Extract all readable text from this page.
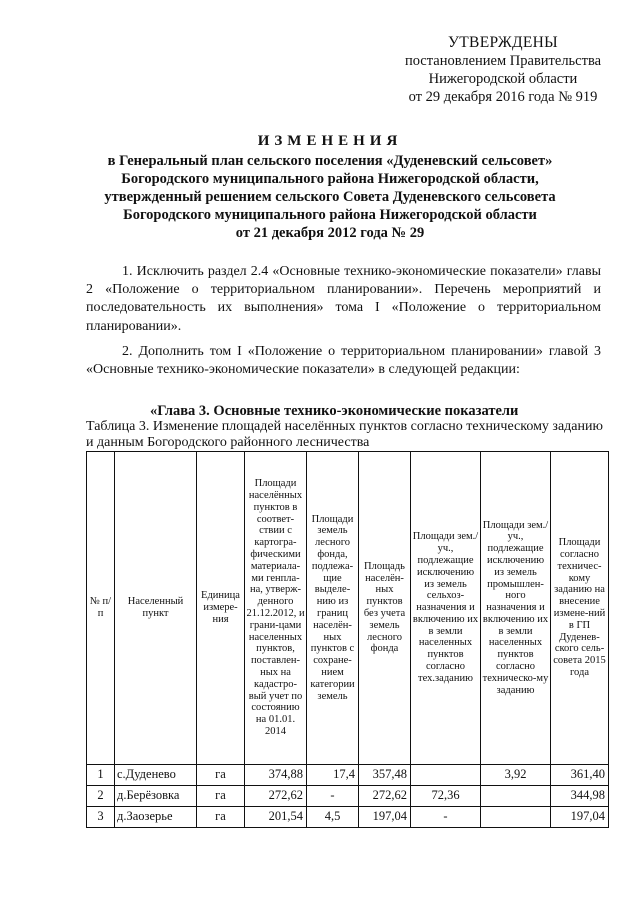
УТВЕРЖДЕНЫ
постановлением Правительства
Нижегородской области
от 29 декабря 2016 года № 919
ИЗМЕНЕНИЯ
в Генеральный план сельского поселения «Дуденевский сельсовет»
Богородского муниципального района Нижегородской области,
утвержденный решением сельского Совета Дуденевского сельсовета
Богородского муниципального района Нижегородской области
от 21 декабря 2012 года № 29
1. Исключить раздел 2.4 «Основные технико-экономические показатели» главы 2 «Положение о территориальном планировании». Перечень мероприятий и последовательность их выполнения» тома I «Положение о территориальном планировании».
2. Дополнить том I «Положение о территориальном планировании» главой 3 «Основные технико-экономические показатели» в следующей редакции:
«Глава 3. Основные технико-экономические показатели
Таблица 3. Изменение площадей населённых пунктов согласно техническому заданию и данным Богородского районного лесничества
№ п/п	Населенный пункт	Единица измере-ния	Площади населённых пунктов в соответ-ствии с картогра-фическими материала-ми генпла-на, утверж-денного 21.12.2012, и грани-цами населенных пунктов, поставлен-ных на кадастро-вый учет по состоянию на 01.01. 2014	Площади земель лесного фонда, подлежа-щие выделе-нию из границ населён-ных пунктов с сохране-нием категории земель	Площадь населён-ных пунктов без учета земель лесного фонда	Площади зем./уч., подлежащие исключению из земель сельхоз-назначения и включению их в земли населенных пунктов согласно тех.заданию	Площади зем./уч., подлежащие исключению из земель промышлен-ного назначения и включению их в земли населенных пунктов согласно техническо-му заданию	Площади согласно техничес-кому заданию на внесение измене-ний в ГП Дуденев-ского сель-совета 2015 года
1	с.Дуденево	га	374,88	17,4	357,48		3,92	361,40
2	д.Берёзовка	га	272,62	-	272,62	72,36		344,98
3	д.Заозерье	га	201,54	4,5	197,04	-		197,04
